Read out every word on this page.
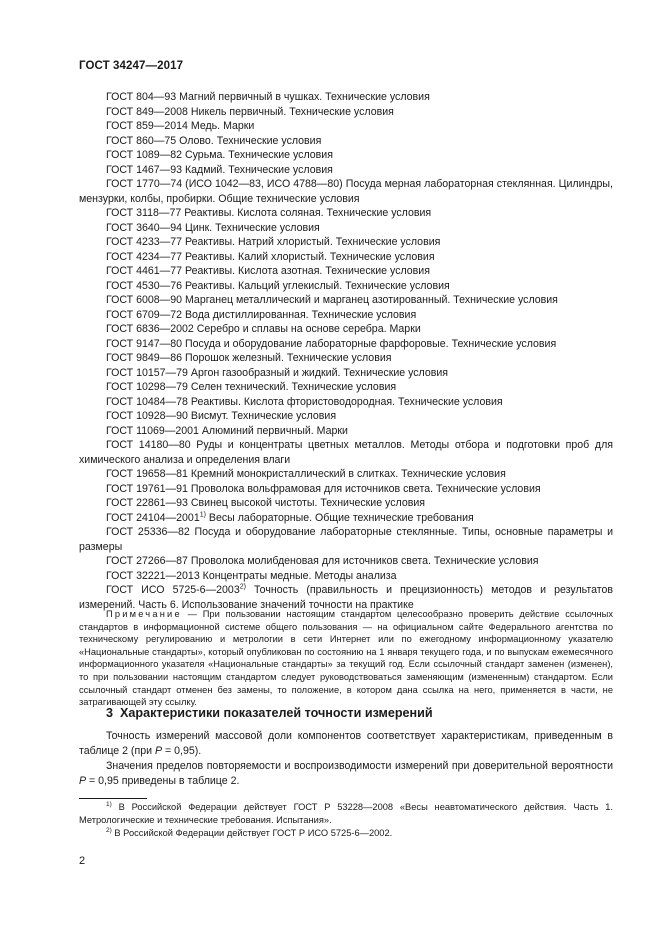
ГОСТ 34247—2017
ГОСТ 804—93 Магний первичный в чушках. Технические условия
ГОСТ 849—2008 Никель первичный. Технические условия
ГОСТ 859—2014 Медь. Марки
ГОСТ 860—75 Олово. Технические условия
ГОСТ 1089—82 Сурьма. Технические условия
ГОСТ 1467—93 Кадмий. Технические условия
ГОСТ 1770—74 (ИСО 1042—83, ИСО 4788—80) Посуда мерная лабораторная стеклянная. Цилиндры, мензурки, колбы, пробирки. Общие технические условия
ГОСТ 3118—77 Реактивы. Кислота соляная. Технические условия
ГОСТ 3640—94 Цинк. Технические условия
ГОСТ 4233—77 Реактивы. Натрий хлористый. Технические условия
ГОСТ 4234—77 Реактивы. Калий хлористый. Технические условия
ГОСТ 4461—77 Реактивы. Кислота азотная. Технические условия
ГОСТ 4530—76 Реактивы. Кальций углекислый. Технические условия
ГОСТ 6008—90 Марганец металлический и марганец азотированный. Технические условия
ГОСТ 6709—72 Вода дистиллированная. Технические условия
ГОСТ 6836—2002 Серебро и сплавы на основе серебра. Марки
ГОСТ 9147—80 Посуда и оборудование лабораторные фарфоровые. Технические условия
ГОСТ 9849—86 Порошок железный. Технические условия
ГОСТ 10157—79 Аргон газообразный и жидкий. Технические условия
ГОСТ 10298—79 Селен технический. Технические условия
ГОСТ 10484—78 Реактивы. Кислота фтористоводородная. Технические условия
ГОСТ 10928—90 Висмут. Технические условия
ГОСТ 11069—2001 Алюминий первичный. Марки
ГОСТ 14180—80 Руды и концентраты цветных металлов. Методы отбора и подготовки проб для химического анализа и определения влаги
ГОСТ 19658—81 Кремний монокристаллический в слитках. Технические условия
ГОСТ 19761—91 Проволока вольфрамовая для источников света. Технические условия
ГОСТ 22861—93 Свинец высокой чистоты. Технические условия
ГОСТ 24104—2001$^{1)}$ Весы лабораторные. Общие технические требования
ГОСТ 25336—82 Посуда и оборудование лабораторные стеклянные. Типы, основные параметры и размеры
ГОСТ 27266—87 Проволока молибденовая для источников света. Технические условия
ГОСТ 32221—2013 Концентраты медные. Методы анализа
ГОСТ ИСО 5725-6—2003$^{2)}$ Точность (правильность и прецизионность) методов и результатов измерений. Часть 6. Использование значений точности на практике
Примечание — При пользовании настоящим стандартом целесообразно проверить действие ссылочных стандартов в информационной системе общего пользования — на официальном сайте Федерального агентства по техническому регулированию и метрологии в сети Интернет или по ежегодному информационному указателю «Национальные стандарты», который опубликован по состоянию на 1 января текущего года, и по выпускам ежемесячного информационного указателя «Национальные стандарты» за текущий год. Если ссылочный стандарт заменен (изменен), то при пользовании настоящим стандартом следует руководствоваться заменяющим (измененным) стандартом. Если ссылочный стандарт отменен без замены, то положение, в котором дана ссылка на него, применяется в части, не затрагивающей эту ссылку.
3 Характеристики показателей точности измерений

Точность измерений массовой доли компонентов соответствует характеристикам, приведенным в таблице 2 (при P = 0,95).

Значения пределов повторяемости и воспроизводимости измерений при доверительной вероятности P = 0,95 приведены в таблице 2.

$^{1)}$ В Российской Федерации действует ГОСТ Р 53228—2008 «Весы неавтоматического действия. Часть 1. Метрологические и технические требования. Испытания».

$^{2)}$ В Российской Федерации действует ГОСТ Р ИСО 5725-6—2002.

2
